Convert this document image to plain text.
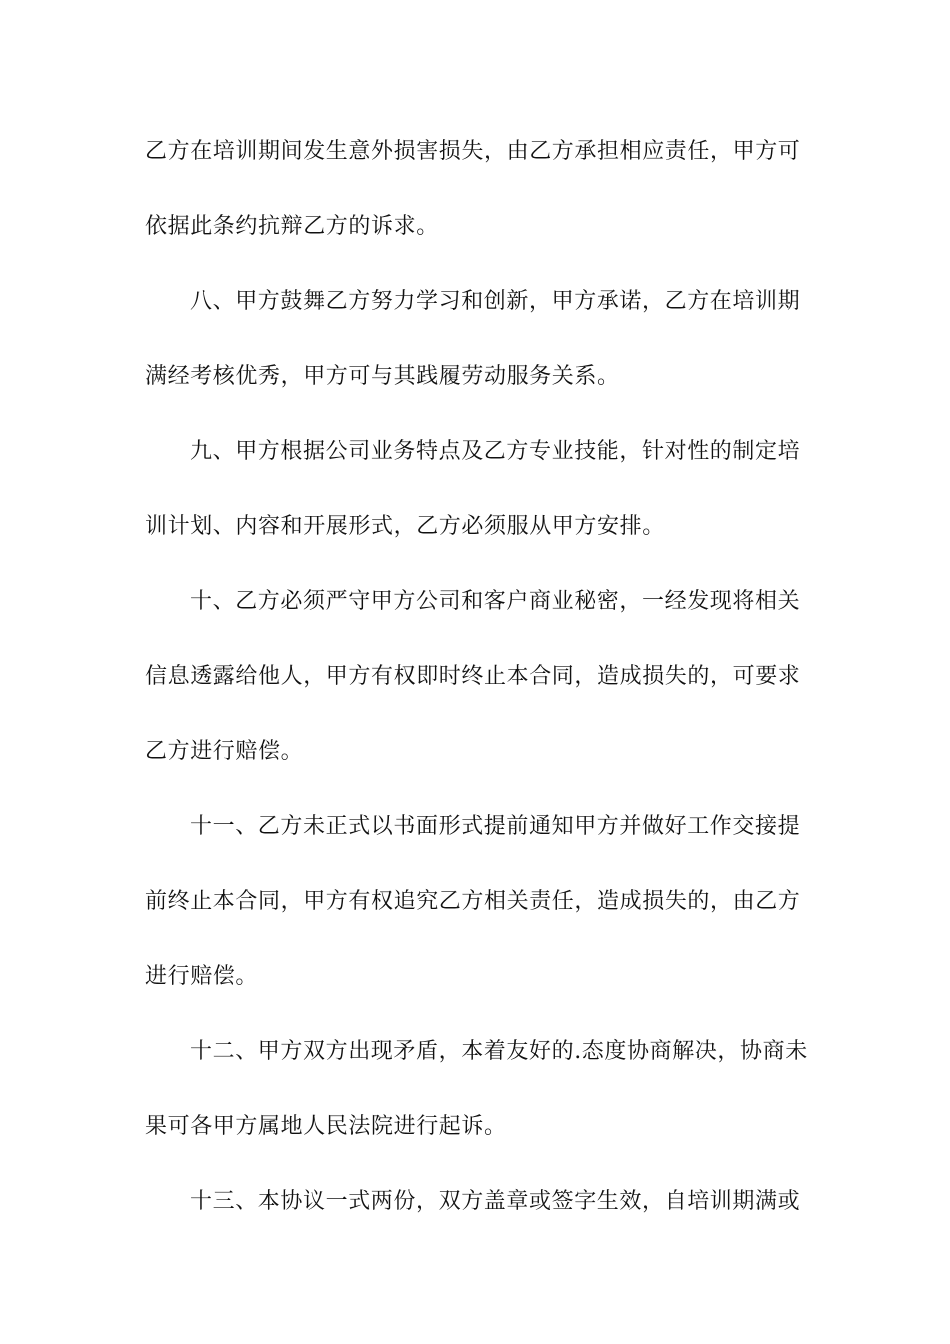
乙方在培训期间发生意外损害损失，由乙方承担相应责任，甲方可
依据此条约抗辩乙方的诉求。
八、甲方鼓舞乙方努力学习和创新，甲方承诺，乙方在培训期
满经考核优秀，甲方可与其践履劳动服务关系。
九、甲方根据公司业务特点及乙方专业技能，针对性的制定培
训计划、内容和开展形式，乙方必须服从甲方安排。
十、乙方必须严守甲方公司和客户商业秘密，一经发现将相关
信息透露给他人，甲方有权即时终止本合同，造成损失的，可要求
乙方进行赔偿。
十一、乙方未正式以书面形式提前通知甲方并做好工作交接提
前终止本合同，甲方有权追究乙方相关责任，造成损失的，由乙方
进行赔偿。
十二、甲方双方出现矛盾，本着友好的.态度协商解决，协商未
果可各甲方属地人民法院进行起诉。
十三、本协议一式两份，双方盖章或签字生效，自培训期满或
